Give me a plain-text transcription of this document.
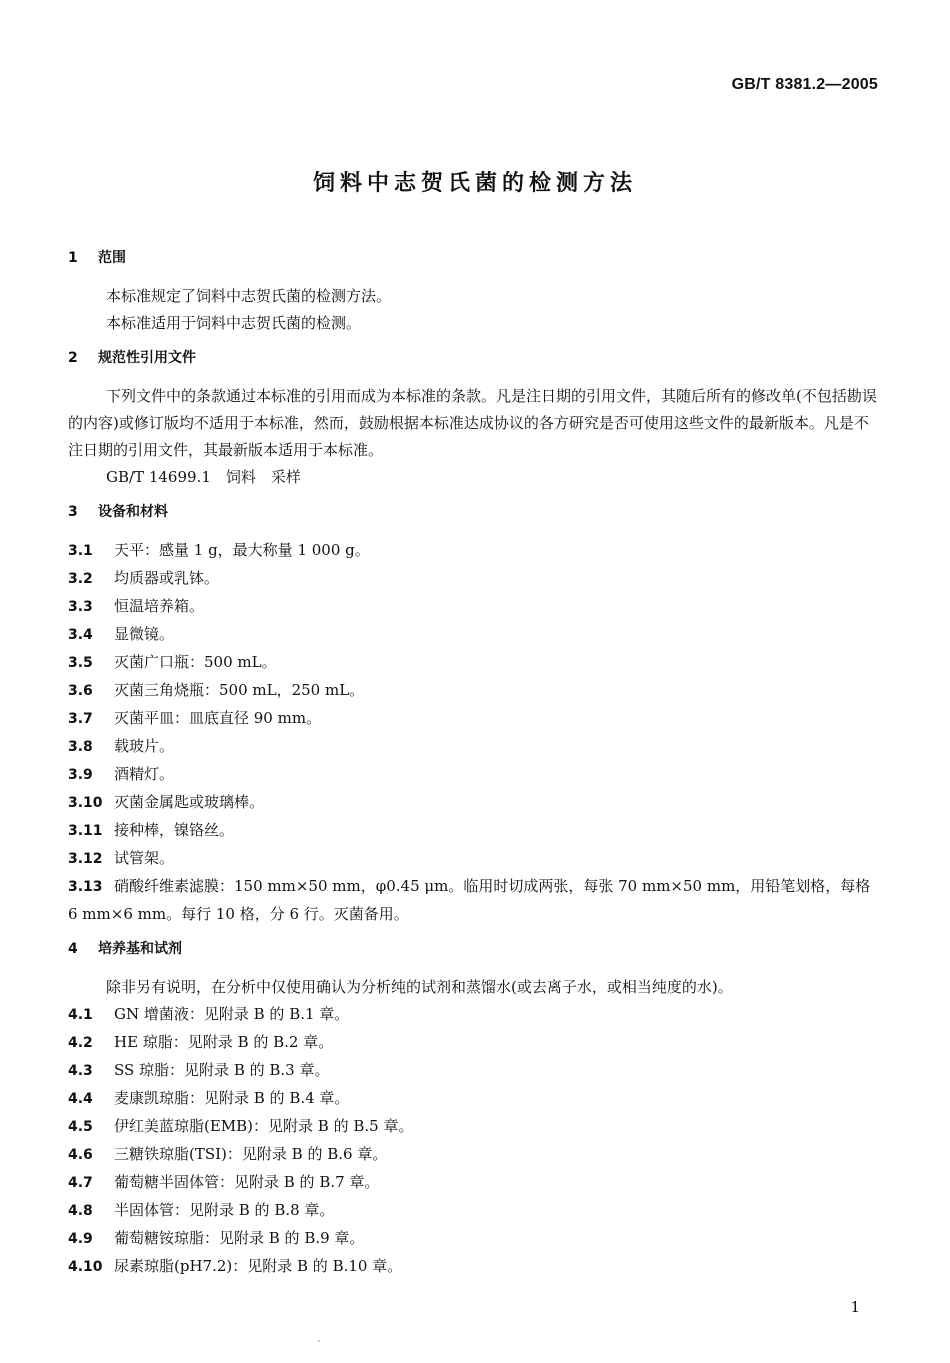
GB/T 8381.2—2005
饲料中志贺氏菌的检测方法
1 范围
本标准规定了饲料中志贺氏菌的检测方法。
本标准适用于饲料中志贺氏菌的检测。
2 规范性引用文件
下列文件中的条款通过本标准的引用而成为本标准的条款。凡是注日期的引用文件，其随后所有的修改单(不包括勘误的内容)或修订版均不适用于本标准，然而，鼓励根据本标准达成协议的各方研究是否可使用这些文件的最新版本。凡是不注日期的引用文件，其最新版本适用于本标准。
GB/T 14699.1　饲料　采样
3 设备和材料
3.1 天平：感量 1 g，最大称量 1 000 g。
3.2 均质器或乳钵。
3.3 恒温培养箱。
3.4 显微镜。
3.5 灭菌广口瓶：500 mL。
3.6 灭菌三角烧瓶：500 mL，250 mL。
3.7 灭菌平皿：皿底直径 90 mm。
3.8 载玻片。
3.9 酒精灯。
3.10 灭菌金属匙或玻璃棒。
3.11 接种棒，镍铬丝。
3.12 试管架。
3.13 硝酸纤维素滤膜：150 mm×50 mm，φ0.45 μm。临用时切成两张，每张 70 mm×50 mm，用铅笔划格，每格 6 mm×6 mm。每行 10 格，分 6 行。灭菌备用。
4 培养基和试剂
除非另有说明，在分析中仅使用确认为分析纯的试剂和蒸馏水(或去离子水，或相当纯度的水)。
4.1 GN 增菌液：见附录 B 的 B.1 章。
4.2 HE 琼脂：见附录 B 的 B.2 章。
4.3 SS 琼脂：见附录 B 的 B.3 章。
4.4 麦康凯琼脂：见附录 B 的 B.4 章。
4.5 伊红美蓝琼脂(EMB)：见附录 B 的 B.5 章。
4.6 三糖铁琼脂(TSI)：见附录 B 的 B.6 章。
4.7 葡萄糖半固体管：见附录 B 的 B.7 章。
4.8 半固体管：见附录 B 的 B.8 章。
4.9 葡萄糖铵琼脂：见附录 B 的 B.9 章。
4.10 尿素琼脂(pH7.2)：见附录 B 的 B.10 章。
1
